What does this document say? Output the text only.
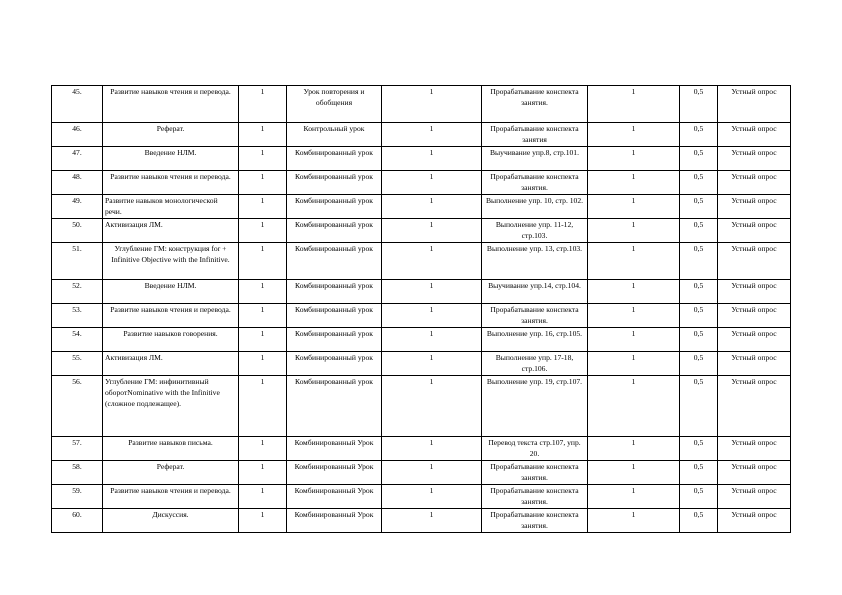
45.	Развитие навыков чтения и перевода.	1	Урок повторения и обобщения	1	Прорабатывание конспекта занятия.	1	0,5	Устный опрос
46.	Реферат.	1	Контрольный урок	1	Прорабатывание конспекта занятия	1	0,5	Устный опрос
47.	Введение НЛМ.	1	Комбинированный урок	1	Выучивание упр.8, стр.101.	1	0,5	Устный опрос
48.	Развитие навыков чтения и перевода.	1	Комбинированный урок	1	Прорабатывание конспекта занятия.	1	0,5	Устный опрос
49.	Развитие навыков монологической речи.	1	Комбинированный урок	1	Выполнение упр. 10, стр. 102.	1	0,5	Устный опрос
50.	Активизация ЛМ.	1	Комбинированный урок	1	Выполнение упр. 11-12, стр.103.	1	0,5	Устный опрос
51.	Углубление ГМ: конструкция for + Infinitive Objective with the Infinitive.	1	Комбинированный урок	1	Выполнение упр. 13, стр.103.	1	0,5	Устный опрос
52.	Введение НЛМ.	1	Комбинированный урок	1	Выучивание упр.14, стр.104.	1	0,5	Устный опрос
53.	Развитие навыков чтения и перевода.	1	Комбинированный урок	1	Прорабатывание конспекта занятия.	1	0,5	Устный опрос
54.	Развитие навыков говорения.	1	Комбинированный урок	1	Выполнение упр. 16, стр.105.	1	0,5	Устный опрос
55.	Активизация ЛМ.	1	Комбинированный урок	1	Выполнение упр. 17-18, стр.106.	1	0,5	Устный опрос
56.	Углубление ГМ: инфинитивный оборотNominative with the Infinitive (сложное подлежащее).	1	Комбинированный урок	1	Выполнение упр. 19, стр.107.	1	0,5	Устный опрос
57.	Развитие навыков письма.	1	Комбинированный Урок	1	Перевод текста стр.107, упр. 20.	1	0,5	Устный опрос
58.	Реферат.	1	Комбинированный Урок	1	Прорабатывание конспекта занятия.	1	0,5	Устный опрос
59.	Развитие навыков чтения и перевода.	1	Комбинированный Урок	1	Прорабатывание конспекта занятия.	1	0,5	Устный опрос
60.	Дискуссия.	1	Комбинированный Урок	1	Прорабатывание конспекта занятия.	1	0,5	Устный опрос
